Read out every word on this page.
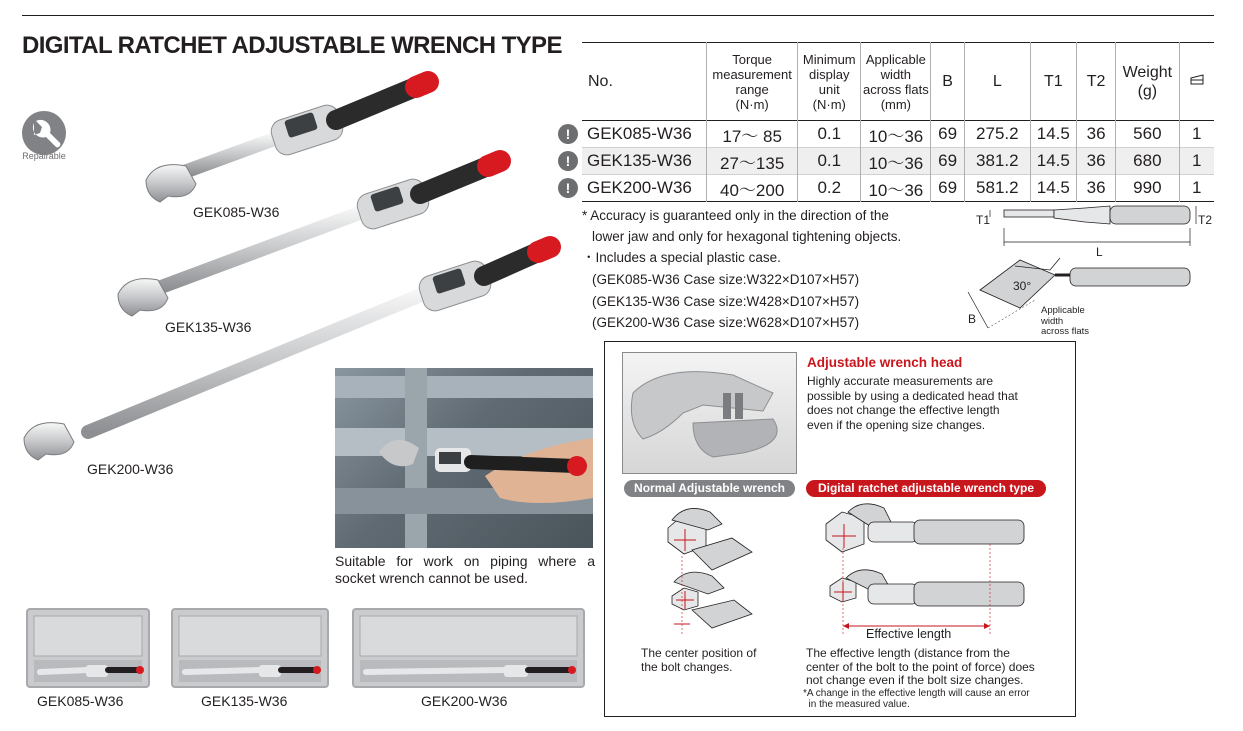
DIGITAL RATCHET ADJUSTABLE WRENCH TYPE
Repairable
GEK085-W36
GEK135-W36
GEK200-W36
No.	Torque
measurement
range
(N·m)	Minimum
display
unit
(N·m)	Applicable
width
across flats
(mm)	B	L	T1	T2	Weight
(g)	
GEK085-W36	17～ 85	0.1	10～36	69	275.2	14.5	36	560	1
GEK135-W36	27～135	0.1	10～36	69	381.2	14.5	36	680	1
GEK200-W36	40～200	0.2	10～36	69	581.2	14.5	36	990	1
!
!
!
* Accuracy is guaranteed only in the direction of the
lower jaw and only for hexagonal tightening objects.
・Includes a special plastic case.
(GEK085-W36 Case size:W322×D107×H57)
(GEK135-W36 Case size:W428×D107×H57)
(GEK200-W36 Case size:W628×D107×H57)
T1	T2
L
B
30°
Applicable
width
across flats
Suitable for work on piping where a socket wrench cannot be used.
GEK085-W36	GEK135-W36	GEK200-W36
Adjustable wrench head
Highly accurate measurements are
possible by using a dedicated head that
does not change the effective length
even if the opening size changes.
Normal Adjustable wrench	Digital ratchet adjustable wrench type
Effective length
The center position of
the bolt changes.
The effective length (distance from the
center of the bolt to the point of force) does
not change even if the bolt size changes.
*A change in the effective length will cause an error
in the measured value.
